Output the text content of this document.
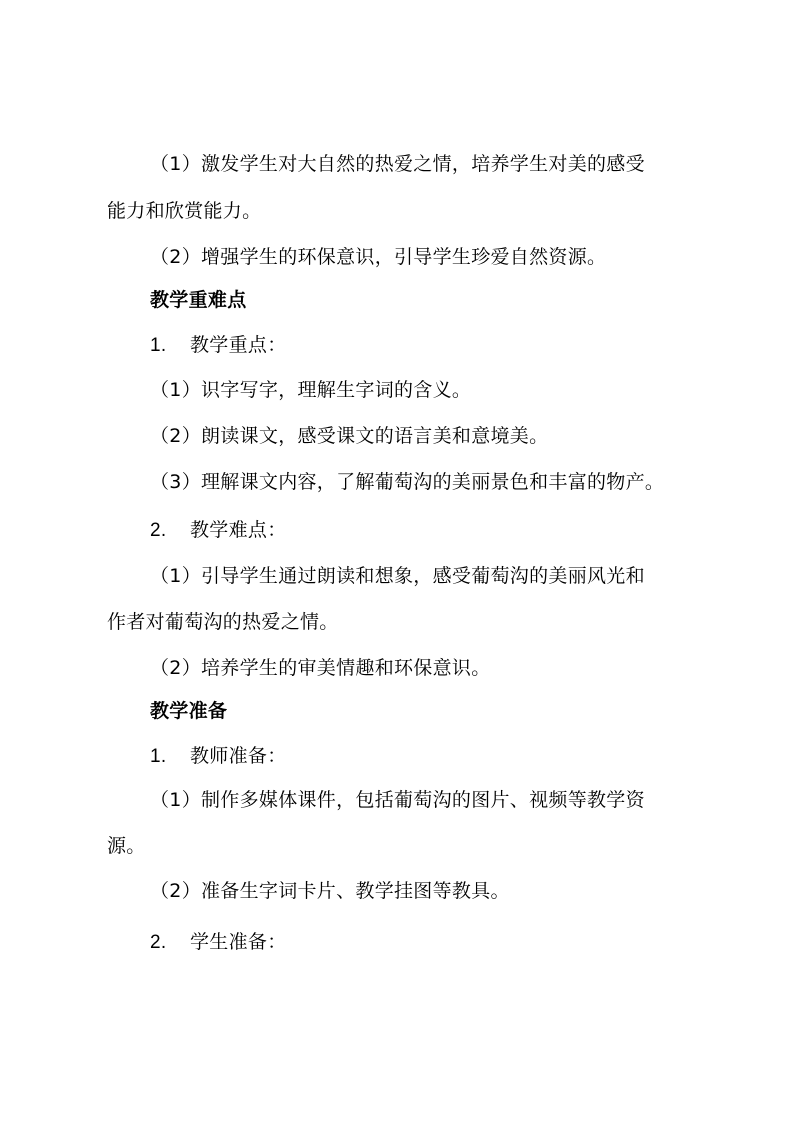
（1）激发学生对大自然的热爱之情，培养学生对美的感受
能力和欣赏能力。
（2）增强学生的环保意识，引导学生珍爱自然资源。
教学重难点
1. 教学重点：
（1）识字写字，理解生字词的含义。
（2）朗读课文，感受课文的语言美和意境美。
（3）理解课文内容，了解葡萄沟的美丽景色和丰富的物产。
2. 教学难点：
（1）引导学生通过朗读和想象，感受葡萄沟的美丽风光和
作者对葡萄沟的热爱之情。
（2）培养学生的审美情趣和环保意识。
教学准备
1. 教师准备：
（1）制作多媒体课件，包括葡萄沟的图片、视频等教学资
源。
（2）准备生字词卡片、教学挂图等教具。
2. 学生准备：
